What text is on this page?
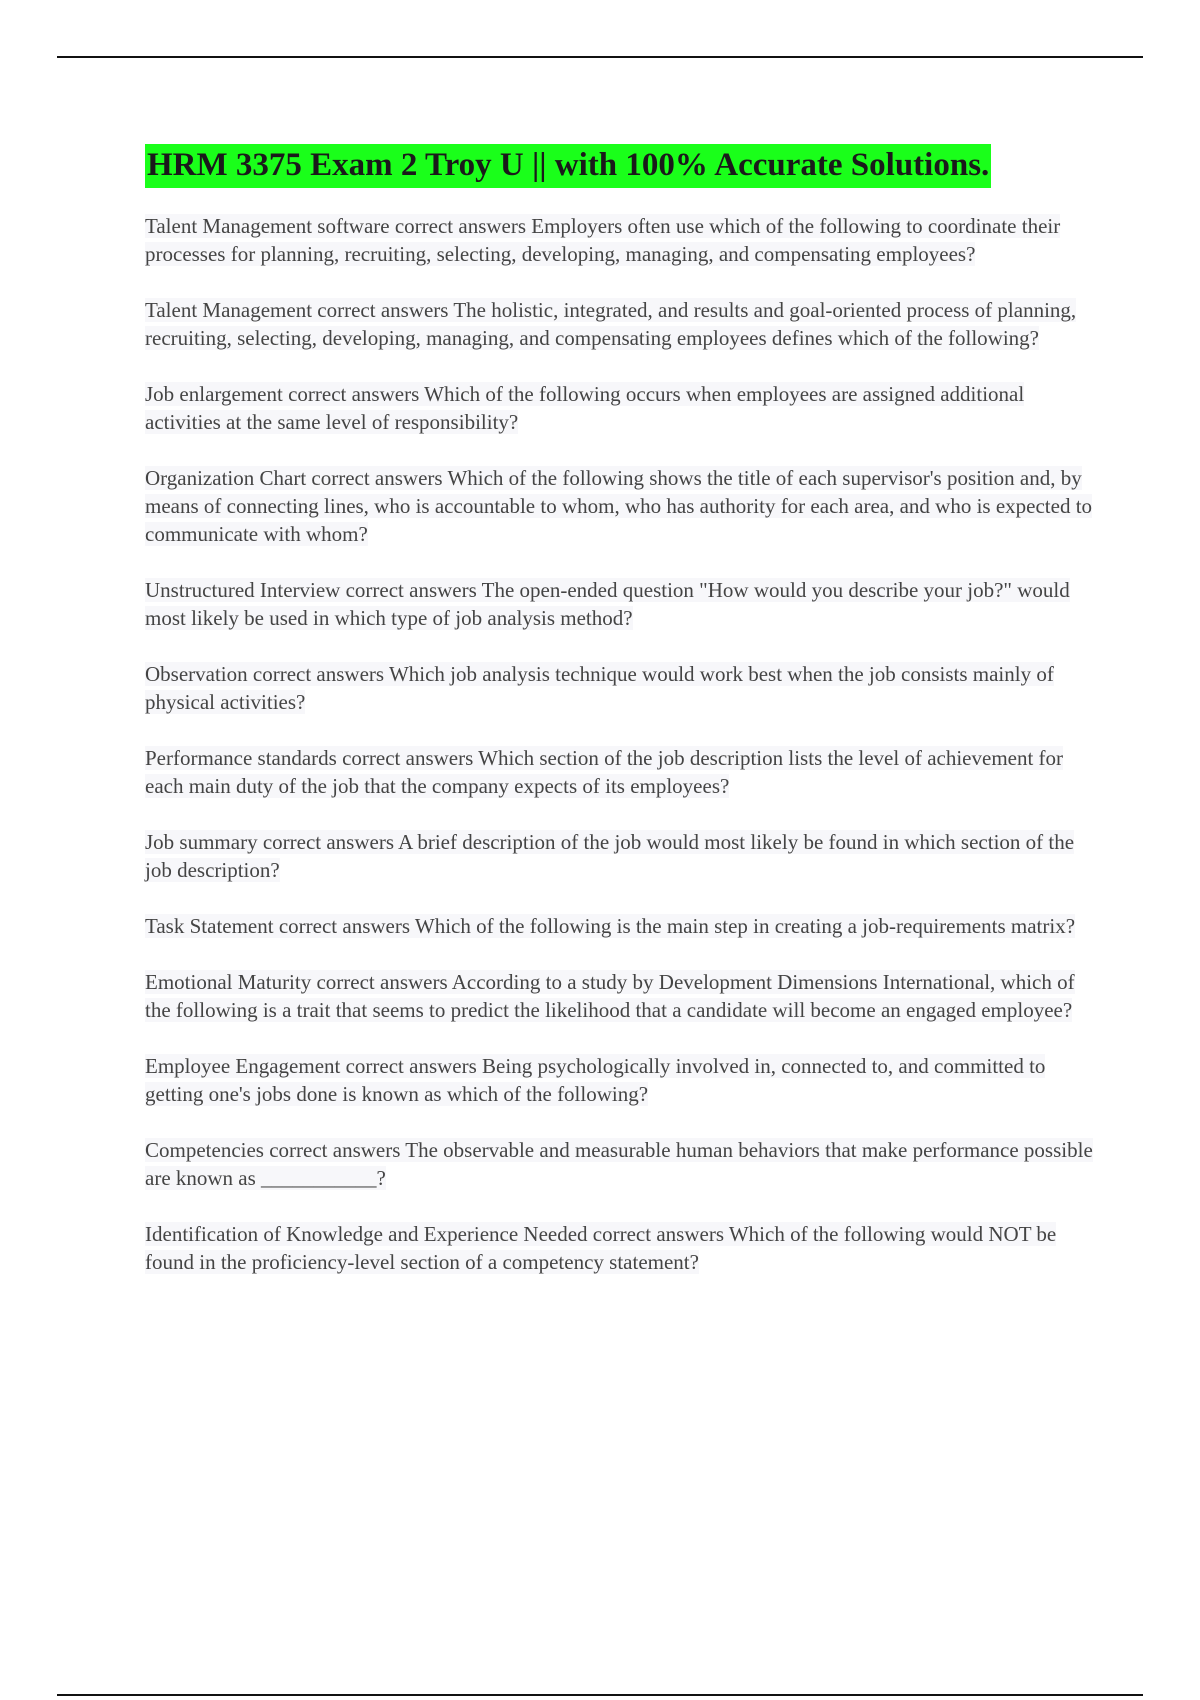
HRM 3375 Exam 2 Troy U || with 100% Accurate Solutions.
Talent Management software correct answers Employers often use which of the following to coordinate their processes for planning, recruiting, selecting, developing, managing, and compensating employees?
Talent Management correct answers The holistic, integrated, and results and goal-oriented process of planning, recruiting, selecting, developing, managing, and compensating employees defines which of the following?
Job enlargement correct answers Which of the following occurs when employees are assigned additional activities at the same level of responsibility?
Organization Chart correct answers Which of the following shows the title of each supervisor's position and, by means of connecting lines, who is accountable to whom, who has authority for each area, and who is expected to communicate with whom?
Unstructured Interview correct answers The open-ended question "How would you describe your job?" would most likely be used in which type of job analysis method?
Observation correct answers Which job analysis technique would work best when the job consists mainly of physical activities?
Performance standards correct answers Which section of the job description lists the level of achievement for each main duty of the job that the company expects of its employees?
Job summary correct answers A brief description of the job would most likely be found in which section of the job description?
Task Statement correct answers Which of the following is the main step in creating a job-requirements matrix?
Emotional Maturity correct answers According to a study by Development Dimensions International, which of the following is a trait that seems to predict the likelihood that a candidate will become an engaged employee?
Employee Engagement correct answers Being psychologically involved in, connected to, and committed to getting one's jobs done is known as which of the following?
Competencies correct answers The observable and measurable human behaviors that make performance possible are known as ___________?
Identification of Knowledge and Experience Needed correct answers Which of the following would NOT be found in the proficiency-level section of a competency statement?
